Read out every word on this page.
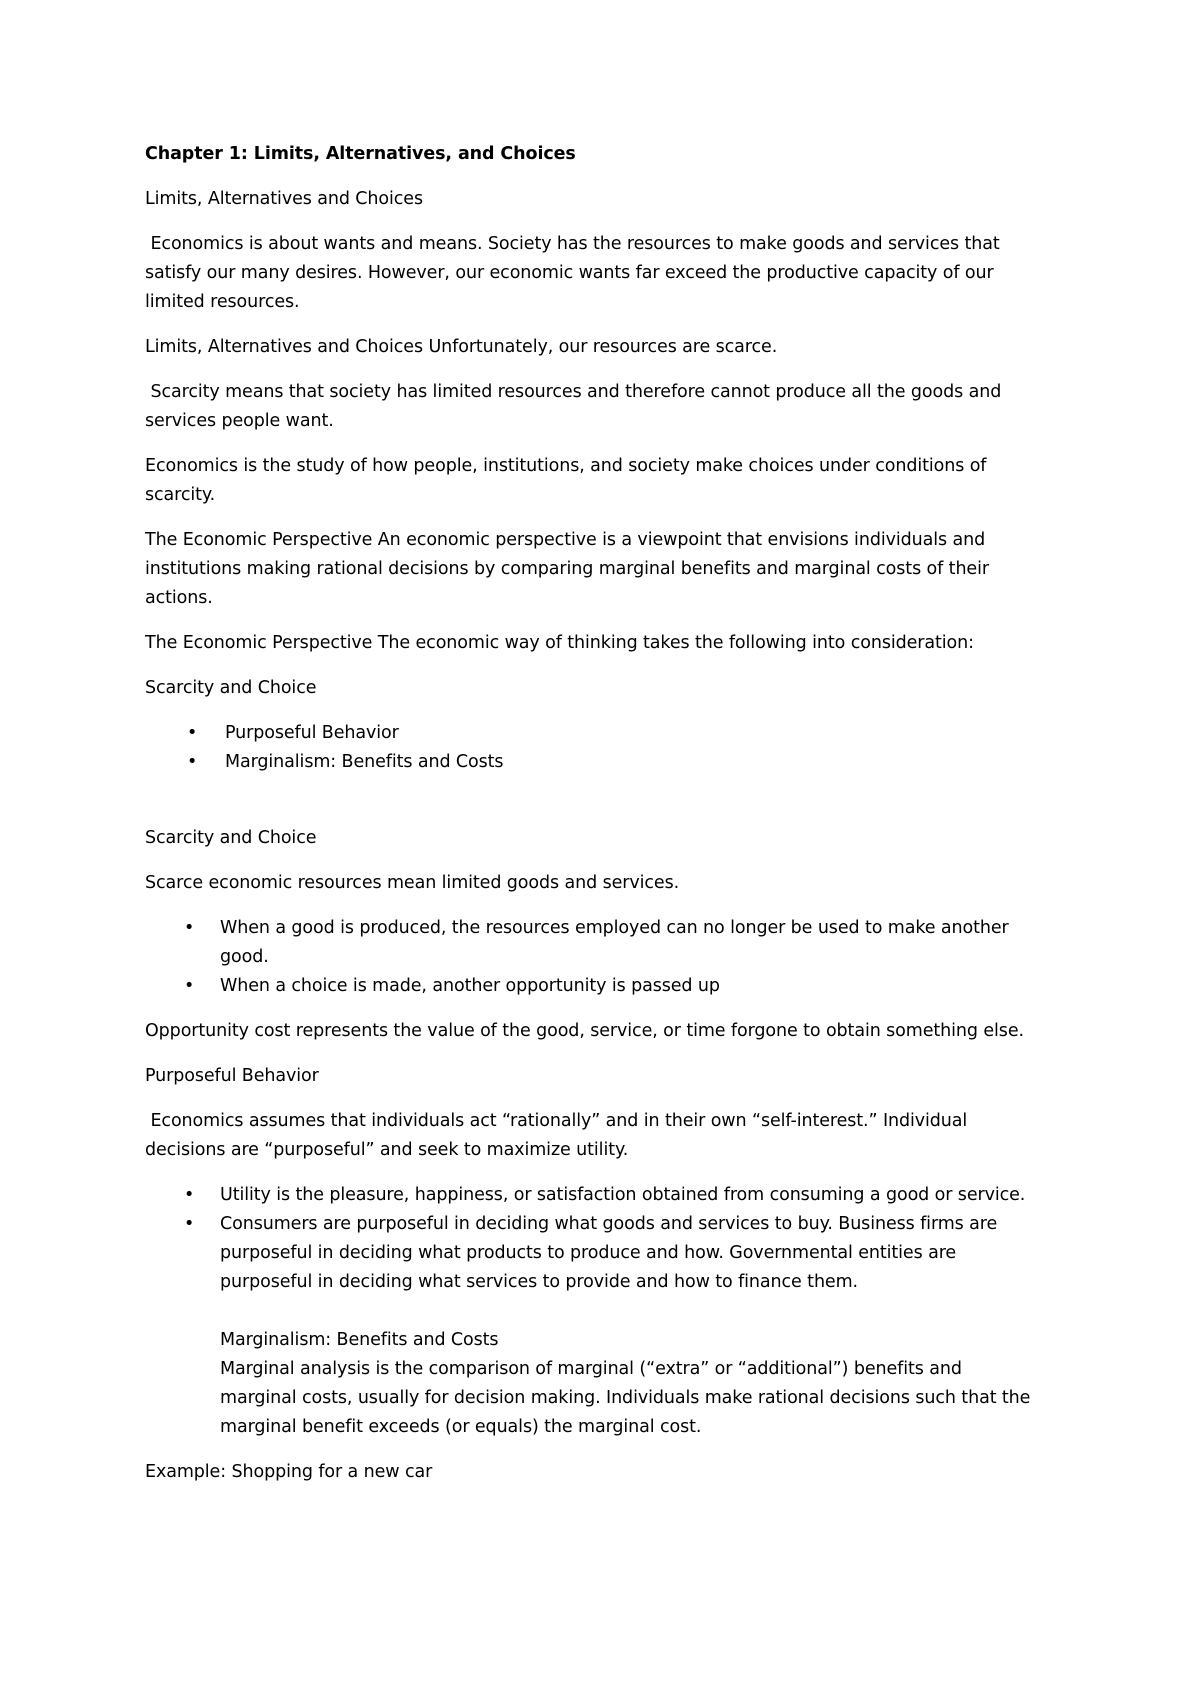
Chapter 1: Limits, Alternatives, and Choices
Limits, Alternatives and Choices
Economics is about wants and means. Society has the resources to make goods and services that
satisfy our many desires. However, our economic wants far exceed the productive capacity of our
limited resources.
Limits, Alternatives and Choices Unfortunately, our resources are scarce.
Scarcity means that society has limited resources and therefore cannot produce all the goods and
services people want.
Economics is the study of how people, institutions, and society make choices under conditions of
scarcity.
The Economic Perspective An economic perspective is a viewpoint that envisions individuals and
institutions making rational decisions by comparing marginal benefits and marginal costs of their
actions.
The Economic Perspective The economic way of thinking takes the following into consideration:
Scarcity and Choice
• Purposeful Behavior
• Marginalism: Benefits and Costs
Scarcity and Choice
Scarce economic resources mean limited goods and services.
• When a good is produced, the resources employed can no longer be used to make another
good.
• When a choice is made, another opportunity is passed up
Opportunity cost represents the value of the good, service, or time forgone to obtain something else.
Purposeful Behavior
Economics assumes that individuals act “rationally” and in their own “self-interest.” Individual
decisions are “purposeful” and seek to maximize utility.
• Utility is the pleasure, happiness, or satisfaction obtained from consuming a good or service.
• Consumers are purposeful in deciding what goods and services to buy. Business firms are
purposeful in deciding what products to produce and how. Governmental entities are
purposeful in deciding what services to provide and how to finance them.
Marginalism: Benefits and Costs
Marginal analysis is the comparison of marginal (“extra” or “additional”) benefits and
marginal costs, usually for decision making. Individuals make rational decisions such that the
marginal benefit exceeds (or equals) the marginal cost.
Example: Shopping for a new car
